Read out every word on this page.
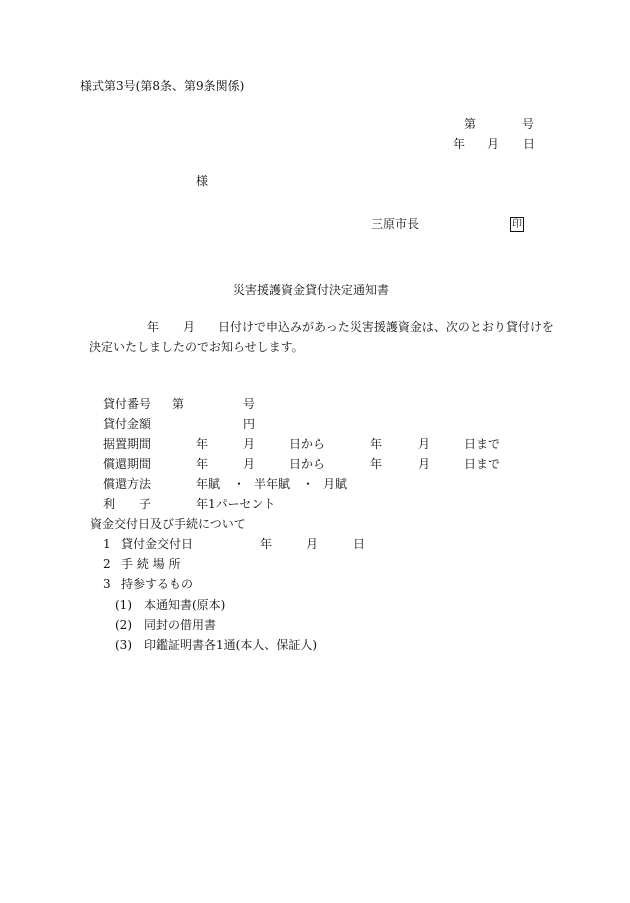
様式第3号(第8条、第9条関係)
第	号
年 月 日
様
三原市長	印
災害援護資金貸付決定通知書
年 月 日付けで申込みがあった災害援護資金は、次のとおり貸付けを
決定いたしましたのでお知らせします。
貸付番号 第	号
貸付金額	円
据置期間	年	月	日から	年	月	日まで
償還期間	年	月	日から	年	月	日まで
償還方法	年賦 ・ 半年賦 ・ 月賦
利 子	年1パーセント
資金交付日及び手続について
1 貸付金交付日	年	月	日
2 手 続 場 所
3 持参するもの
(1) 本通知書(原本)
(2) 同封の借用書
(3) 印鑑証明書各1通(本人、保証人)
